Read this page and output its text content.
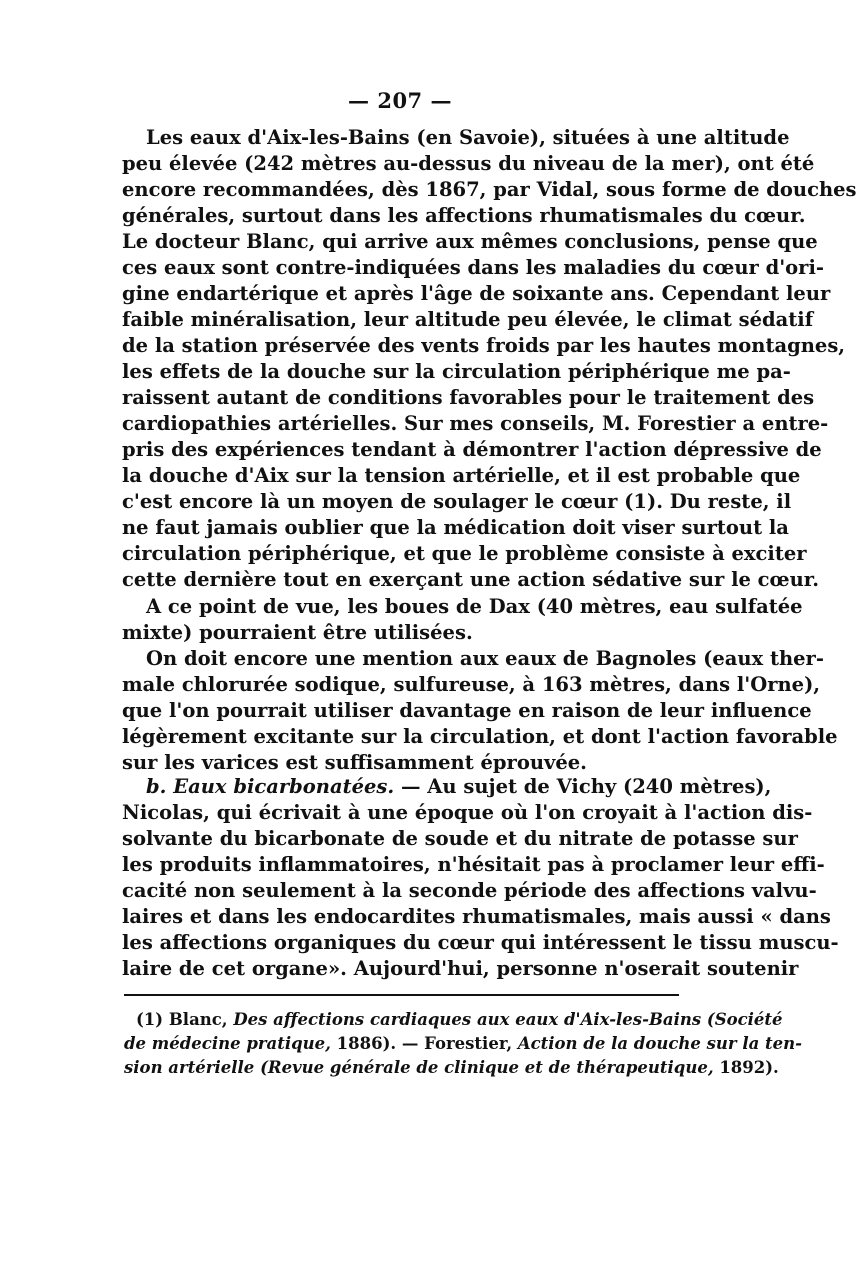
— 207 —
Les eaux d'Aix-les-Bains (en Savoie), situées à une altitude
peu élevée (242 mètres au-dessus du niveau de la mer), ont été
encore recommandées, dès 1867, par Vidal, sous forme de douches
générales, surtout dans les affections rhumatismales du cœur.
Le docteur Blanc, qui arrive aux mêmes conclusions, pense que
ces eaux sont contre-indiquées dans les maladies du cœur d'ori-
gine endartérique et après l'âge de soixante ans. Cependant leur
faible minéralisation, leur altitude peu élevée, le climat sédatif
de la station préservée des vents froids par les hautes montagnes,
les effets de la douche sur la circulation périphérique me pa-
raissent autant de conditions favorables pour le traitement des
cardiopathies artérielles. Sur mes conseils, M. Forestier a entre-
pris des expériences tendant à démontrer l'action dépressive de
la douche d'Aix sur la tension artérielle, et il est probable que
c'est encore là un moyen de soulager le cœur (1). Du reste, il
ne faut jamais oublier que la médication doit viser surtout la
circulation périphérique, et que le problème consiste à exciter
cette dernière tout en exerçant une action sédative sur le cœur.
A ce point de vue, les boues de Dax (40 mètres, eau sulfatée
mixte) pourraient être utilisées.
On doit encore une mention aux eaux de Bagnoles (eaux ther-
male chlorurée sodique, sulfureuse, à 163 mètres, dans l'Orne),
que l'on pourrait utiliser davantage en raison de leur influence
légèrement excitante sur la circulation, et dont l'action favorable
sur les varices est suffisamment éprouvée.
b. Eaux bicarbonatées. — Au sujet de Vichy (240 mètres),
Nicolas, qui écrivait à une époque où l'on croyait à l'action dis-
solvante du bicarbonate de soude et du nitrate de potasse sur
les produits inflammatoires, n'hésitait pas à proclamer leur effi-
cacité non seulement à la seconde période des affections valvu-
laires et dans les endocardites rhumatismales, mais aussi « dans
les affections organiques du cœur qui intéressent le tissu muscu-
laire de cet organe». Aujourd'hui, personne n'oserait soutenir
(1) Blanc, Des affections cardiaques aux eaux d'Aix-les-Bains (Société
de médecine pratique, 1886). — Forestier, Action de la douche sur la ten-
sion artérielle (Revue générale de clinique et de thérapeutique, 1892).
